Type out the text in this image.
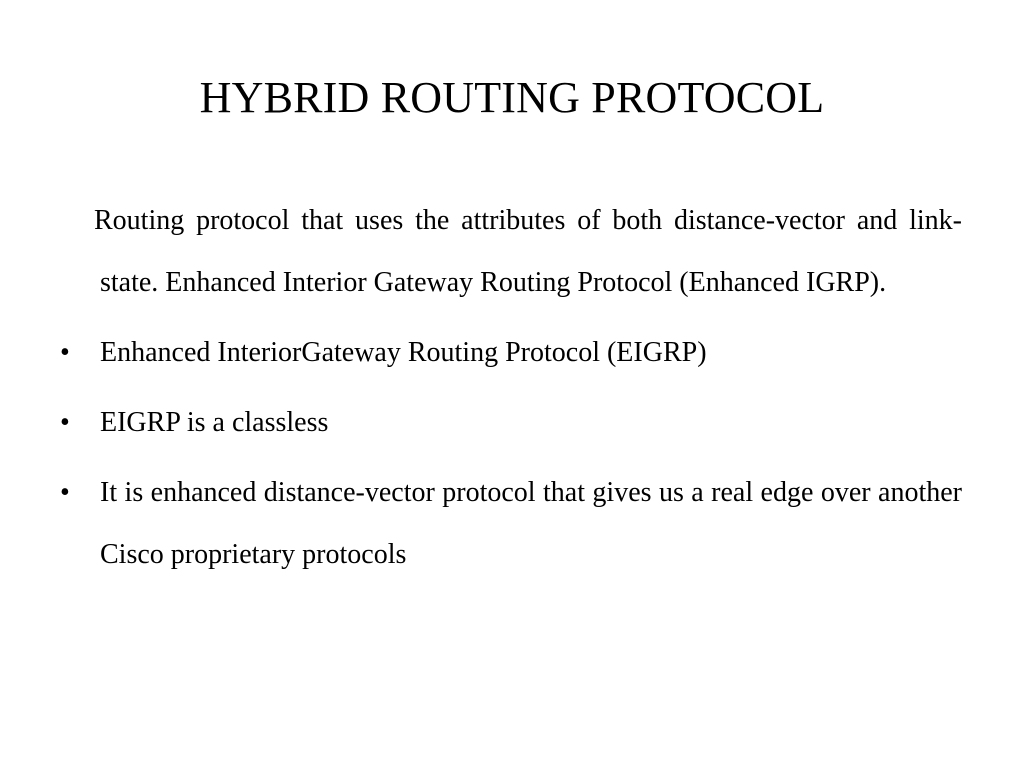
HYBRID ROUTING PROTOCOL

Routing protocol that uses the attributes of both distance-vector and link-state. Enhanced Interior Gateway Routing Protocol (Enhanced IGRP).

•	Enhanced InteriorGateway Routing Protocol (EIGRP)
•	EIGRP is a classless
•	It is enhanced distance-vector protocol that gives us a real edge over another Cisco proprietary protocols
